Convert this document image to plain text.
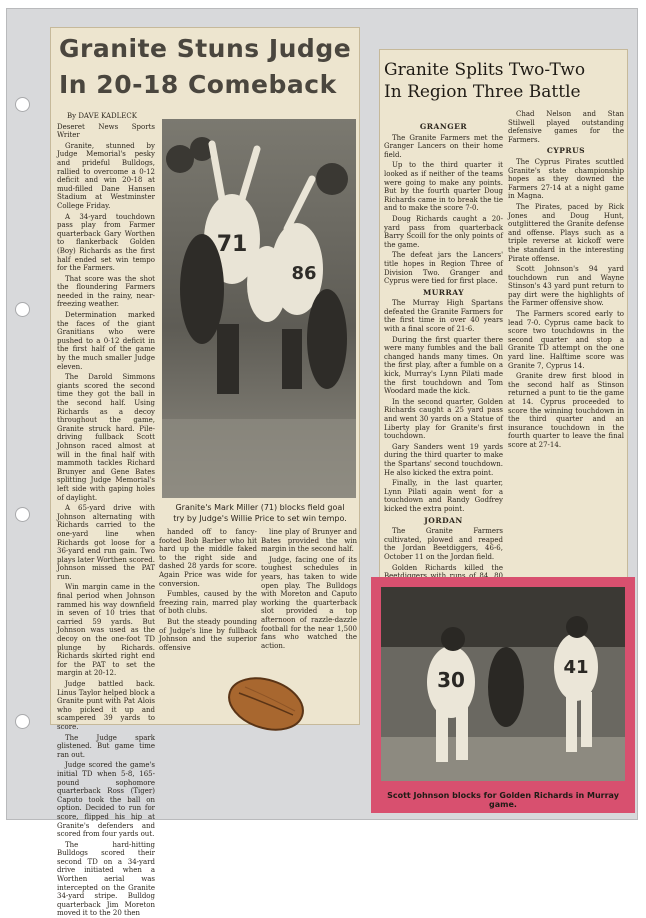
Granite Stuns Judge
In 20-18 Comeback

By DAVE KADLECK

Deseret News Sports Writer

Granite, stunned by Judge Memorial's pesky and prideful Bulldogs, rallied to overcome a 0-12 deficit and win 20-18 at mud-filled Dane Hansen Stadium at Westminster College Friday.

A 34-yard touchdown pass play from Farmer quarterback Gary Worthen to flankerback Golden (Boy) Richards as the first half ended set win tempo for the Farmers.

That score was the shot the floundering Farmers needed in the rainy, near-freezing weather.

Determination marked the faces of the giant Granitians who were pushed to a 0-12 deficit in the first half of the game by the much smaller Judge eleven.

The Darold Simmons giants scored the second time they got the ball in the second half. Using Richards as a decoy throughout the game, Granite struck hard. Pile-driving fullback Scott Johnson raced almost at will in the final half with mammoth tackles Richard Brunyer and Gene Bates splitting Judge Memorial's left side with gaping holes of daylight.

A 65-yard drive with Johnson alternating with Richards carried to the one-yard line when Richards got loose for a 36-yard end run gain. Two plays later Worthen scored. Johnson missed the PAT run.

Win margin came in the final period when Johnson rammed his way downfield in seven of 10 tries that carried 59 yards. But Johnson was used as the decoy on the one-foot TD plunge by Richards. Richards skirted right end for the PAT to set the margin at 20-12.

Judge battled back. Linus Taylor helped block a Granite punt with Pat Alois who picked it up and scampered 39 yards to score.

The Judge spark glistened. But game time ran out.

Judge scored the game's initial TD when 5-8, 165-pound sophomore quarterback Ross (Tiger) Caputo took the ball on option. Decided to run for score, flipped his hip at Granite's defenders and scored from four yards out.

The hard-hitting Bulldogs scored their second TD on a 34-yard drive initiated when a Worthen aerial was intercepted on the Granite 34-yard stripe. Bulldog quarterback Jim Moreton moved it to the 20 then

71
86
Granite's Mark Miller (71) blocks field goal
try by Judge's Willie Price to set win tempo.

handed off to fancy-footed Bob Barber who hit hard up the middle faked to the right side and dashed 28 yards for score. Again Price was wide for conversion.

Fumbles, caused by the freezing rain, marred play of both clubs.

But the steady pounding of Judge's line by fullback Johnson and the superior offensive

line play of Brunyer and Bates provided the win margin in the second half.

Judge, facing one of its toughest schedules in years, has taken to wide open play. The Bulldogs with Moreton and Caputo working the quarterback slot provided a top afternoon of razzle-dazzle football for the near 1,500 fans who watched the action.

Granite Splits Two-Two
In Region Three Battle
GRANGER

The Granite Farmers met the Granger Lancers on their home field.

Up to the third quarter it looked as if neither of the teams were going to make any points. But by the fourth quarter Doug Richards came in to break the tie and to make the score 7-0.

Doug Richards caught a 20-yard pass from quarterback Barry Scoill for the only points of the game.

The defeat jars the Lancers' title hopes in Region Three of Division Two. Granger and Cyprus were tied for first place.

MURRAY

The Murray High Spartans defeated the Granite Farmers for the first time in over 40 years with a final score of 21-6.

During the first quarter there were many fumbles and the ball changed hands many times. On the first play, after a fumble on a kick, Murray's Lynn Pilati made the first touchdown and Tom Woodard made the kick.

In the second quarter, Golden Richards caught a 25 yard pass and went 30 yards on a Statue of Liberty play for Granite's first touchdown.

Gary Sanders went 19 yards during the third quarter to make the Spartans' second touchdown. He also kicked the extra point.

Finally, in the last quarter, Lynn Pilati again went for a touchdown and Randy Godfrey kicked the extra point.

JORDAN

The Granite Farmers cultivated, plowed and reaped the Jordan Beetdiggers, 46-6, October 11 on the Jordan field.

Golden Richards killed the

Chad Nelson and Stan Stilwell played outstanding defensive games for the Farmers.

CYPRUS

The Cyprus Pirates scuttled Granite's state championship hopes as they downed the Farmers 27-14 at a night game in Magna.

The Pirates, paced by Rick Jones and Doug Hunt, outglittered the Granite defense and offense. Plays such as a triple reverse at kickoff were the standard in the interesting Pirate offense.

Scott Johnson's 94 yard touchdown run and Wayne Stinson's 43 yard punt return to pay dirt were the highlights of the Farmer offensive show.

The Farmers scored early to lead 7-0. Cyprus came back to score two touchdowns in the second quarter and stop a Granite TD attempt on the one yard line. Halftime score was Granite 7, Cyprus 14.

Granite drew first blood in the second half as Stinson returned a punt to tie the game at 14. Cyprus proceeded to score the winning touchdown in the third quarter and an insurance touchdown in the fourth quarter to leave the final score at 27-14.

30
41
Scott Johnson blocks for Golden Richards in Murray game.
